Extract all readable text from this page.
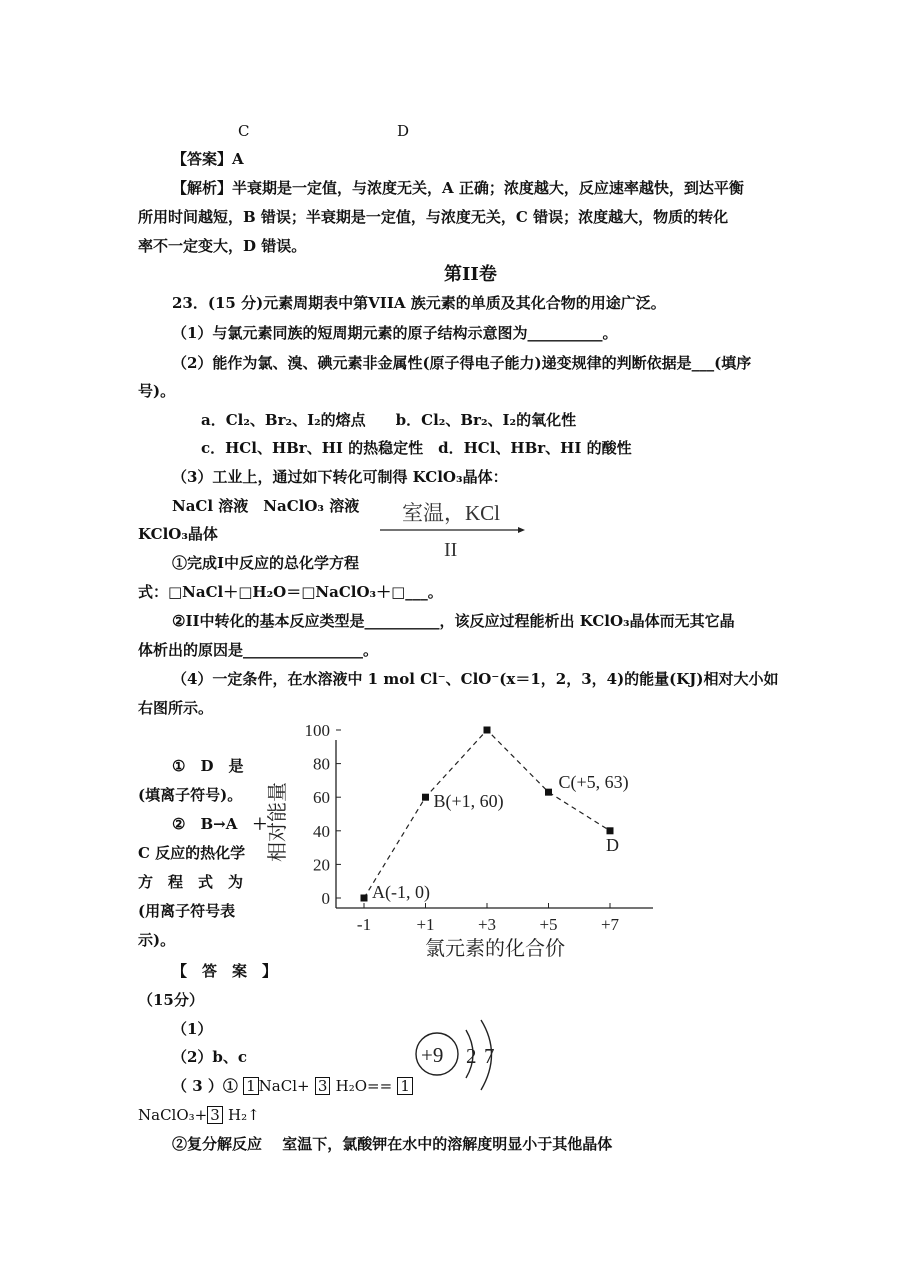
C	D
【答案】A
【解析】半衰期是一定值，与浓度无关，A 正确；浓度越大，反应速率越快，到达平衡
所用时间越短，B 错误；半衰期是一定值，与浓度无关，C 错误；浓度越大，物质的转化
率不一定变大，D 错误。
第II卷
23．(15 分)元素周期表中第VIIA 族元素的单质及其化合物的用途广泛。
（1）与氯元素同族的短周期元素的原子结构示意图为__________。
（2）能作为氯、溴、碘元素非金属性(原子得电子能力)递变规律的判断依据是___(填序
号)。
a．Cl₂、Br₂、I₂的熔点　　b．Cl₂、Br₂、I₂的氧化性
c．HCl、HBr、HI 的热稳定性　d．HCl、HBr、HI 的酸性
（3）工业上，通过如下转化可制得 KClO₃晶体：
NaCl 溶液　NaClO₃ 溶液
KClO₃晶体
室温，KCl
II
①完成I中反应的总化学方程
式：□NaCl＋□H₂O＝□NaClO₃＋□___。
②II中转化的基本反应类型是__________，该反应过程能析出 KClO₃晶体而无其它晶
体析出的原因是________________。
（4）一定条件，在水溶液中 1 mol Cl⁻、ClO⁻(x＝1，2，3，4)的能量(KJ)相对大小如
右图所示。
①　D　是
(填离子符号)。
②　B→A　＋
C 反应的热化学
方　程　式　为
(用离子符号表
示)。
0
20
40
60
80
100
-1	+1	+3	+5	+7
氯元素的化合价
相对能量
A(-1, 0)
B(+1, 60)
C(+5, 63)
D
【　答　案　】
（15分）
（1）
（2）b、c
（ 3 ）① 1 NaCl+ 3 H₂O== 1
NaClO₃+ 3 H₂↑
②复分解反应　 室温下，氯酸钾在水中的溶解度明显小于其他晶体
+9 2 7
